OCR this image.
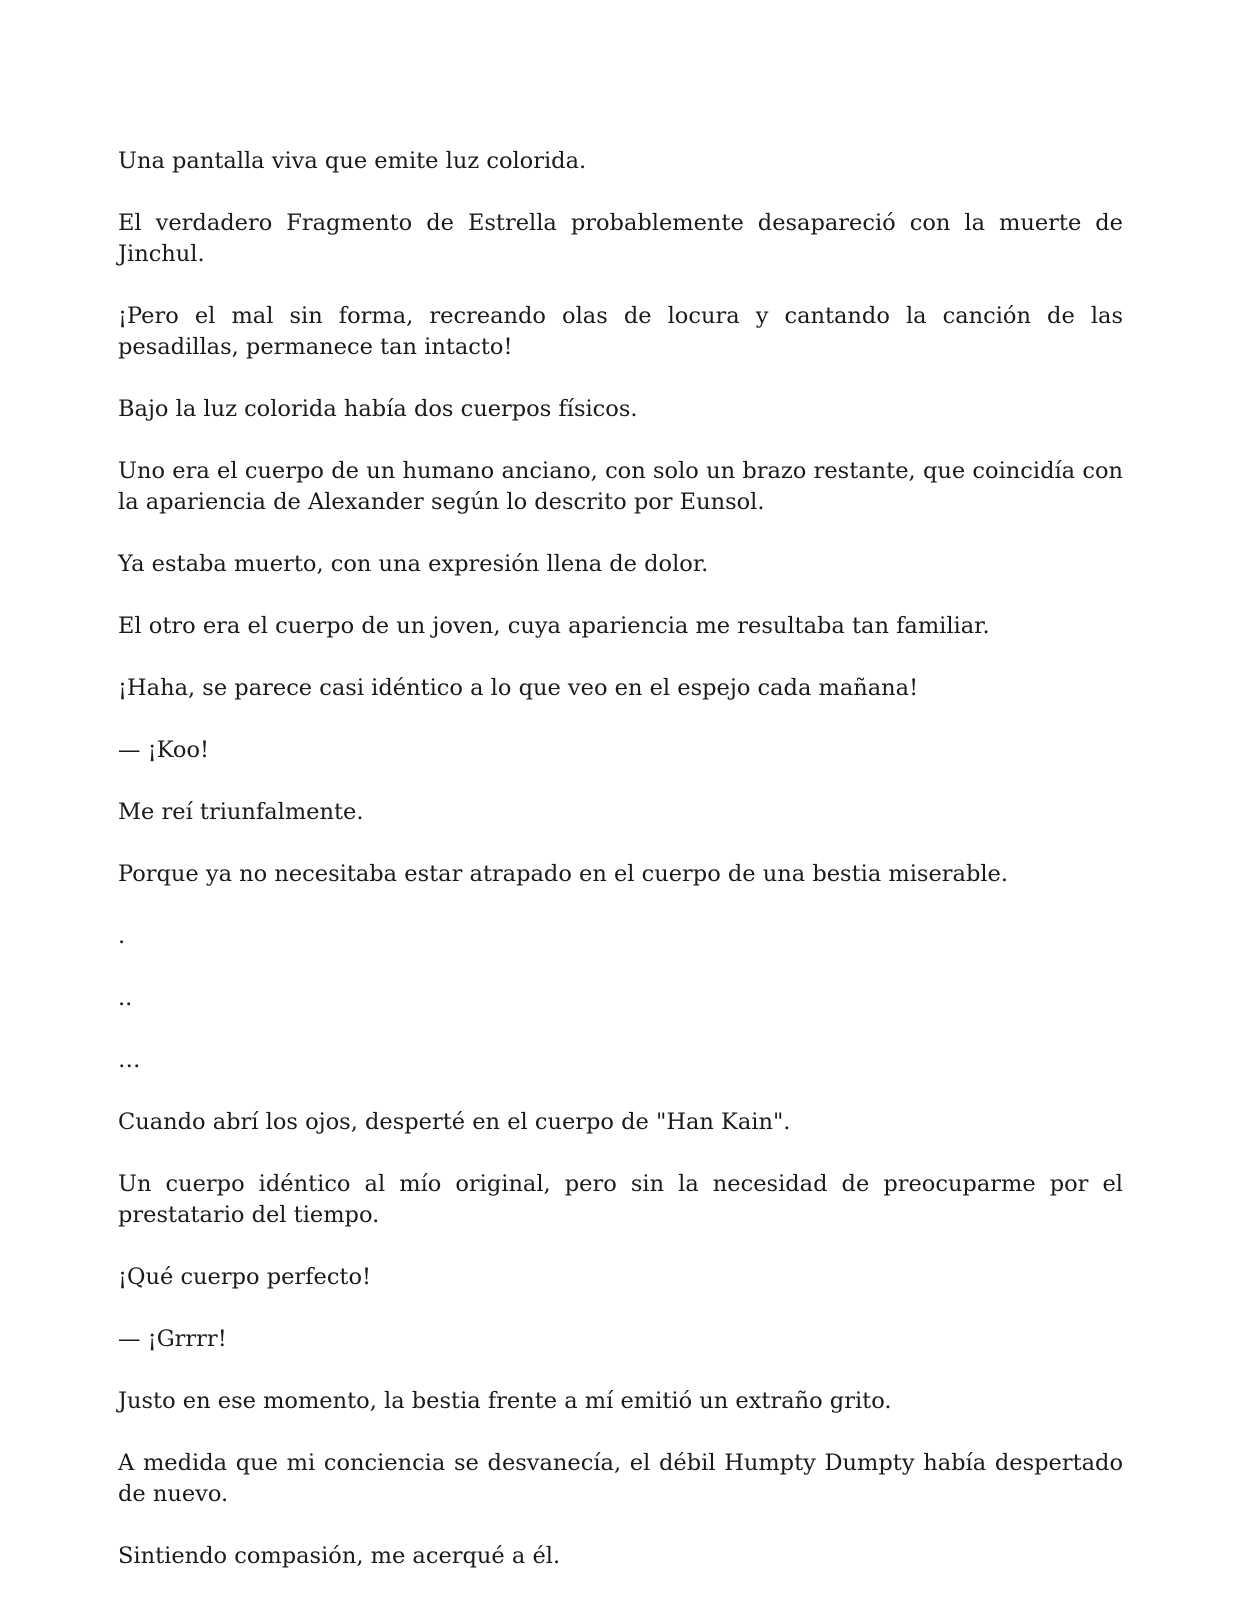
Una pantalla viva que emite luz colorida.

El verdadero Fragmento de Estrella probablemente desapareció con la muerte de Jinchul.

¡Pero el mal sin forma, recreando olas de locura y cantando la canción de las pesadillas, permanece tan intacto!

Bajo la luz colorida había dos cuerpos físicos.

Uno era el cuerpo de un humano anciano, con solo un brazo restante, que coincidía con la apariencia de Alexander según lo descrito por Eunsol.

Ya estaba muerto, con una expresión llena de dolor.

El otro era el cuerpo de un joven, cuya apariencia me resultaba tan familiar.

¡Haha, se parece casi idéntico a lo que veo en el espejo cada mañana!

— ¡Koo!

Me reí triunfalmente.

Porque ya no necesitaba estar atrapado en el cuerpo de una bestia miserable.

.

..

…

Cuando abrí los ojos, desperté en el cuerpo de "Han Kain".

Un cuerpo idéntico al mío original, pero sin la necesidad de preocuparme por el prestatario del tiempo.

¡Qué cuerpo perfecto!

— ¡Grrrr!

Justo en ese momento, la bestia frente a mí emitió un extraño grito.

A medida que mi conciencia se desvanecía, el débil Humpty Dumpty había despertado de nuevo.

Sintiendo compasión, me acerqué a él.
